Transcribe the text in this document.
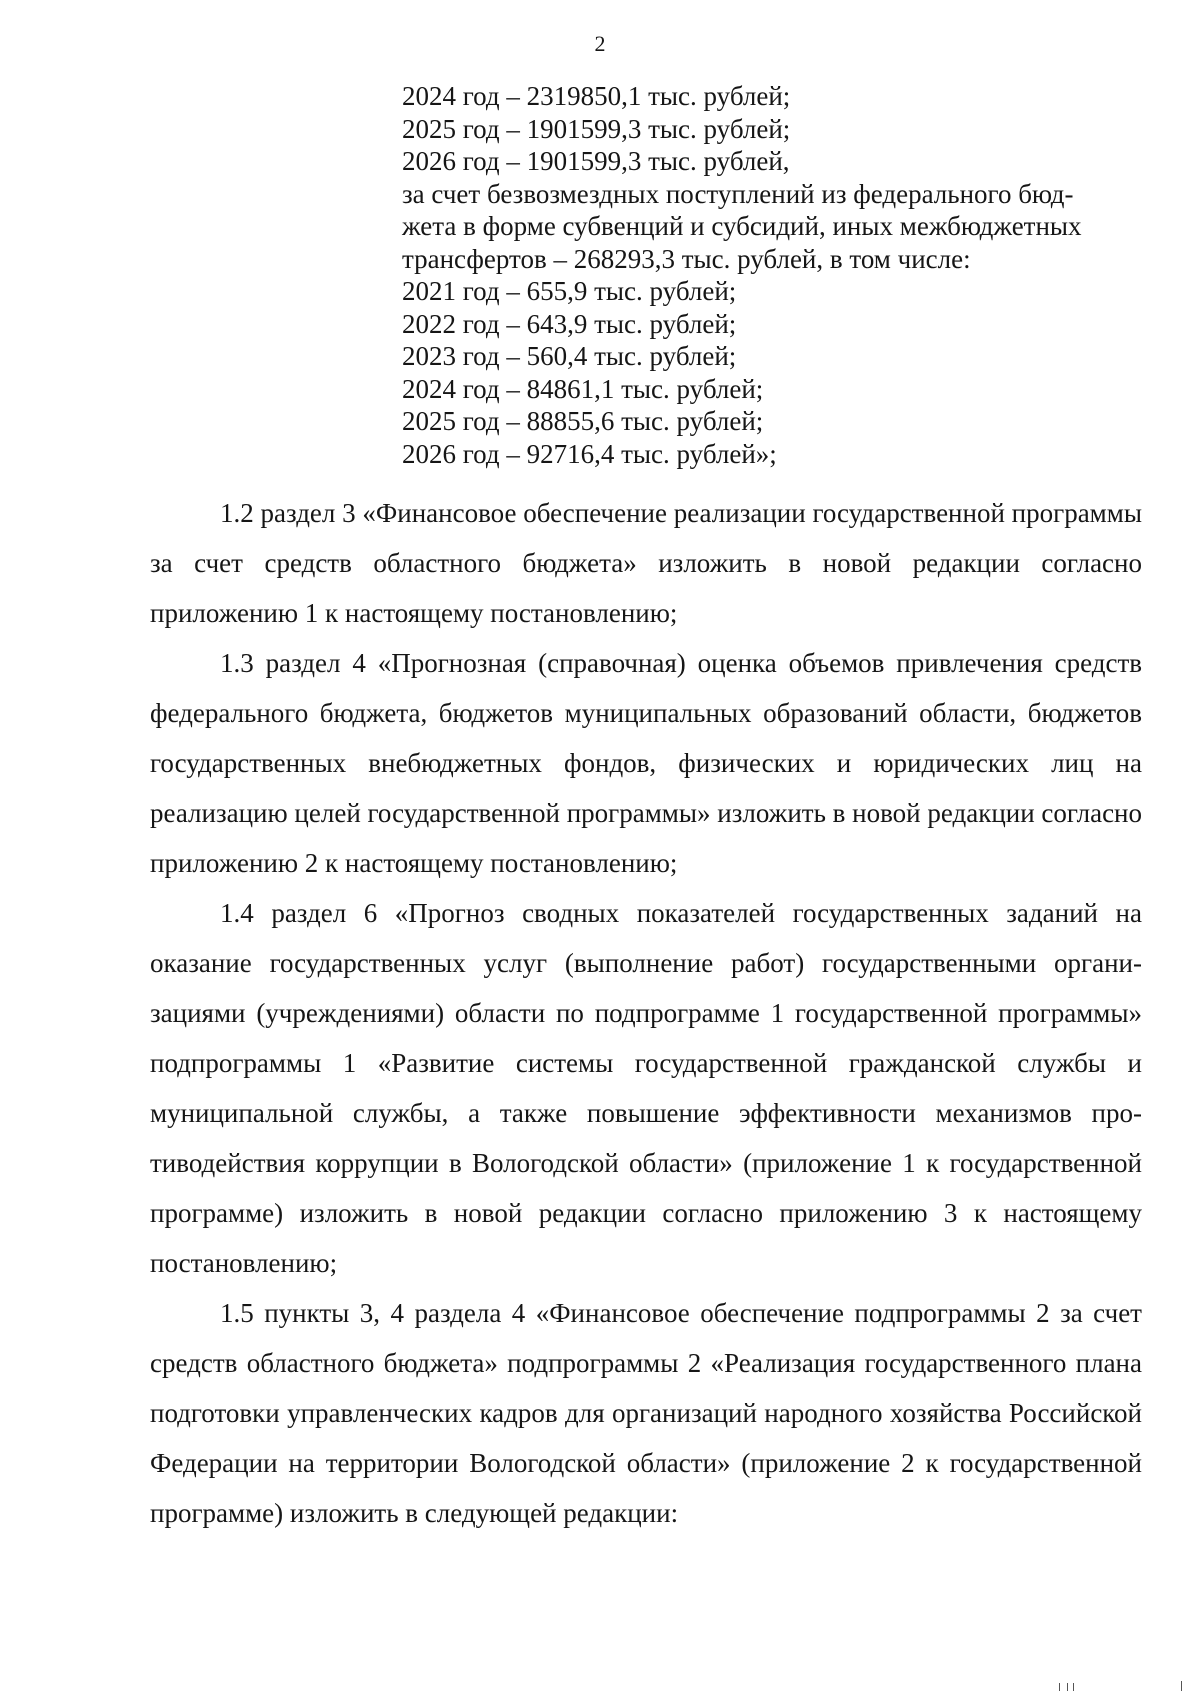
2
2024 год – 2319850,1 тыс. рублей;
2025 год – 1901599,3 тыс. рублей;
2026 год – 1901599,3 тыс. рублей,
за счет безвозмездных поступлений из федерального бюд-
жета в форме субвенций и субсидий, иных межбюджетных
трансфертов – 268293,3 тыс. рублей, в том числе:
2021 год – 655,9 тыс. рублей;
2022 год – 643,9 тыс. рублей;
2023 год – 560,4 тыс. рублей;
2024 год – 84861,1 тыс. рублей;
2025 год – 88855,6 тыс. рублей;
2026 год – 92716,4 тыс. рублей»;

1.2 раздел 3 «Финансовое обеспечение реализации государственной программы за счет средств областного бюджета» изложить в новой редакции согласно приложению 1 к настоящему постановлению;

1.3 раздел 4 «Прогнозная (справочная) оценка объемов привлечения средств федерального бюджета, бюджетов муниципальных образований области, бюджетов государственных внебюджетных фондов, физических и юридических лиц на реализацию целей государственной программы» изложить в новой редакции согласно приложению 2 к настоящему постановлению;

1.4 раздел 6 «Прогноз сводных показателей государственных заданий на оказание государственных услуг (выполнение работ) государственными организациями (учреждениями) области по подпрограмме 1 государственной программы» подпрограммы 1 «Развитие системы государственной гражданской службы и муниципальной службы, а также повышение эффективности механизмов противодействия коррупции в Вологодской области» (приложение 1 к государственной программе) изложить в новой редакции согласно приложению 3 к настоящему постановлению;

1.5 пункты 3, 4 раздела 4 «Финансовое обеспечение подпрограммы 2 за счет средств областного бюджета» подпрограммы 2 «Реализация государственного плана подготовки управленческих кадров для организаций народного хозяйства Российской Федерации на территории Вологодской области» (приложение 2 к государственной программе) изложить в следующей редакции:
